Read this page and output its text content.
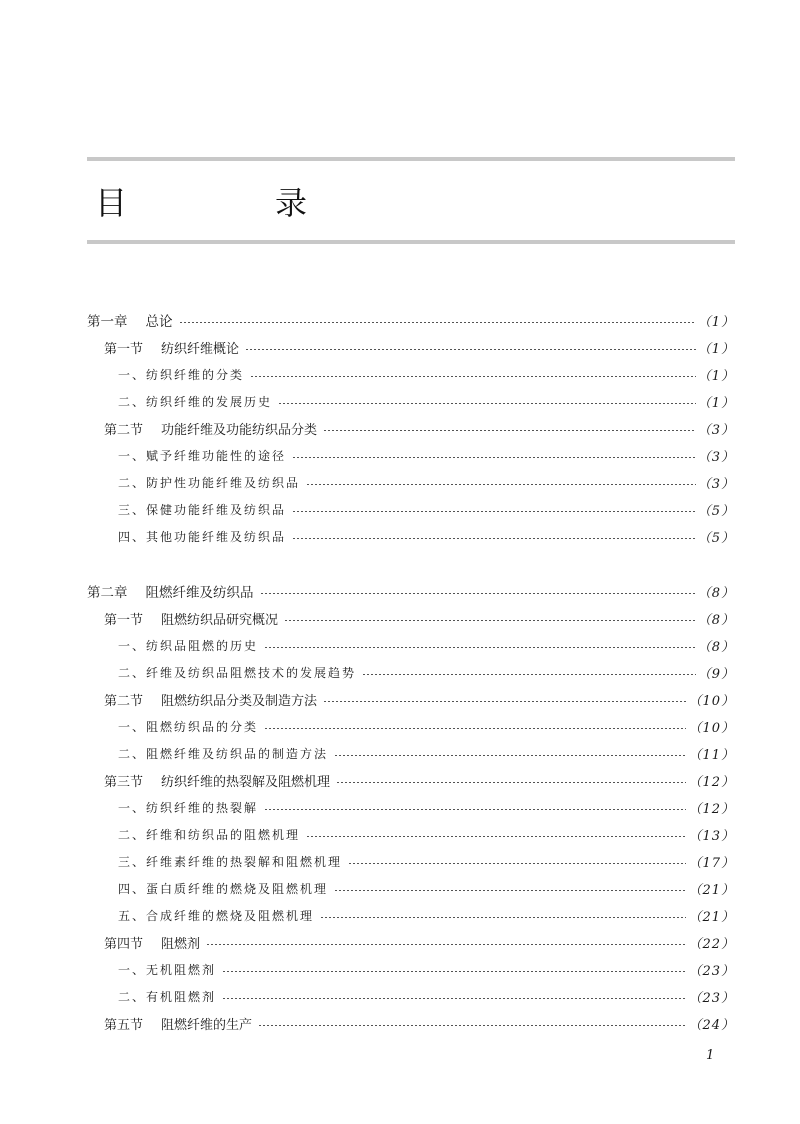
目　录
第一章 总论	（1）
第一节 纺织纤维概论	（1）
一、纺织纤维的分类	（1）
二、纺织纤维的发展历史	（1）
第二节 功能纤维及功能纺织品分类	（3）
一、赋予纤维功能性的途径	（3）
二、防护性功能纤维及纺织品	（3）
三、保健功能纤维及纺织品	（5）
四、其他功能纤维及纺织品	（5）
第二章 阻燃纤维及纺织品	（8）
第一节 阻燃纺织品研究概况	（8）
一、纺织品阻燃的历史	（8）
二、纤维及纺织品阻燃技术的发展趋势	（9）
第二节 阻燃纺织品分类及制造方法	（10）
一、阻燃纺织品的分类	（10）
二、阻燃纤维及纺织品的制造方法	（11）
第三节 纺织纤维的热裂解及阻燃机理	（12）
一、纺织纤维的热裂解	（12）
二、纤维和纺织品的阻燃机理	（13）
三、纤维素纤维的热裂解和阻燃机理	（17）
四、蛋白质纤维的燃烧及阻燃机理	（21）
五、合成纤维的燃烧及阻燃机理	（21）
第四节 阻燃剂	（22）
一、无机阻燃剂	（23）
二、有机阻燃剂	（23）
第五节 阻燃纤维的生产	（24）
1
